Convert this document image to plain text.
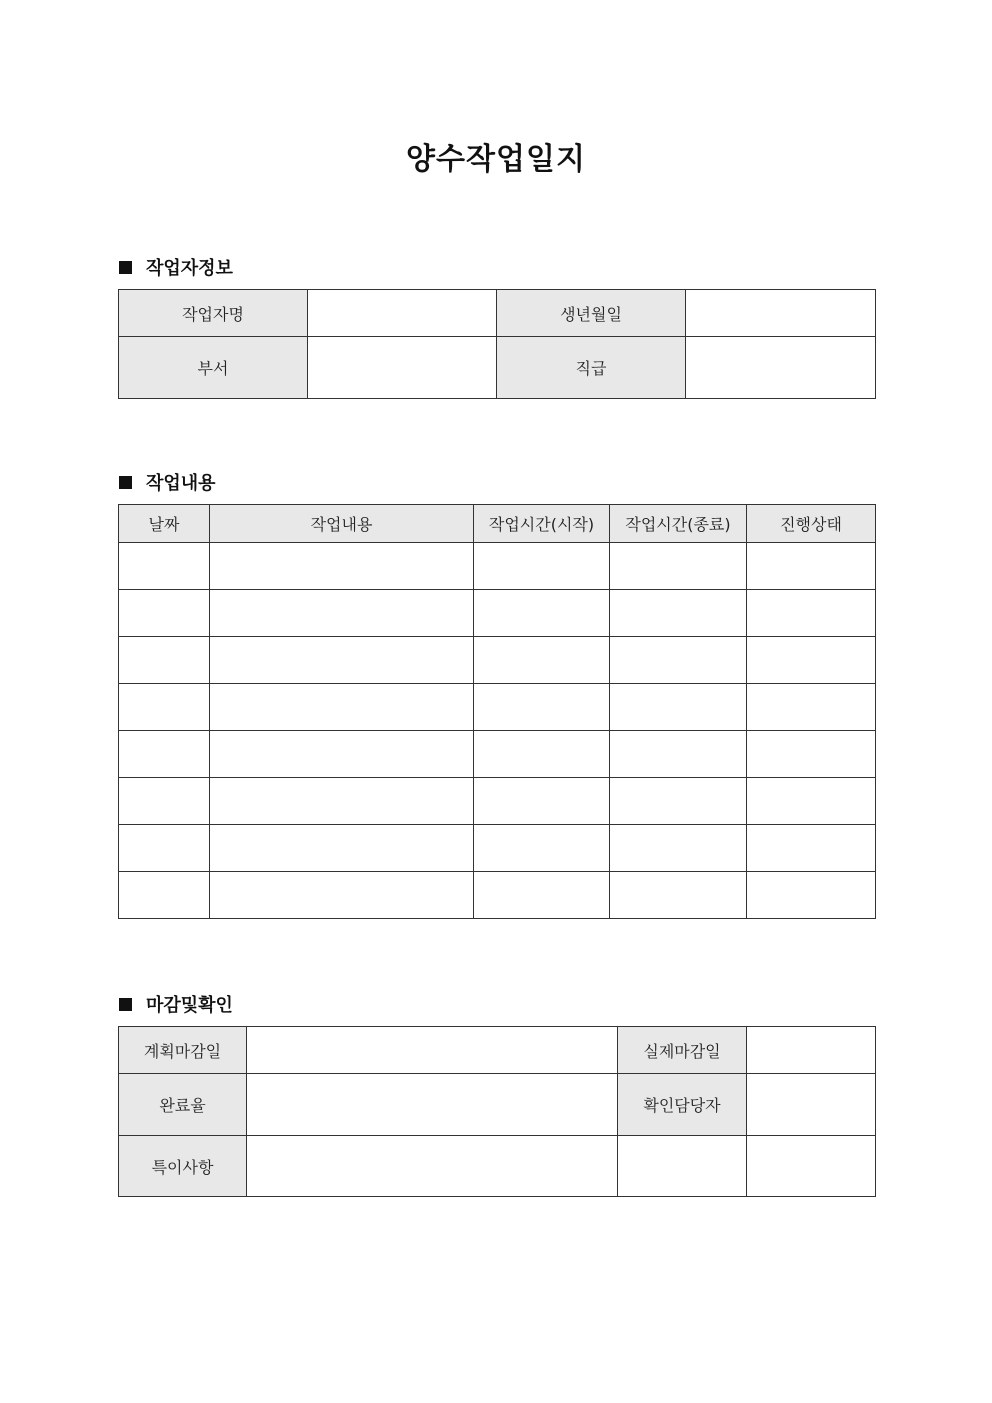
양수작업일지
작업자정보
작업자명		생년월일	
부서		직급	
작업내용
날짜	작업내용	작업시간(시작)	작업시간(종료)	진행상태

마감및확인
계획마감일		실제마감일	
완료율		확인담당자	
특이사항			
